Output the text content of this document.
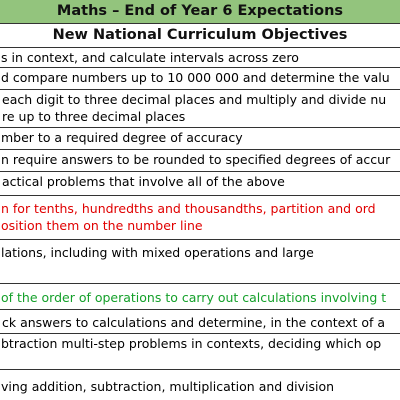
Maths – End of Year 6 Expectations
New National Curriculum Objectives
s in context, and calculate intervals across zero
d compare numbers up to 10 000 000 and determine the valu
each digit to three decimal places and multiply and divide nu
re up to three decimal places
mber to a required degree of accuracy
n require answers to be rounded to specified degrees of accur
actical problems that involve all of the above
n for tenths, hundredths and thousandths, partition and ord
osition them on the number line
lations, including with mixed operations and large
of the order of operations to carry out calculations involving t
ck answers to calculations and determine, in the context of a
btraction multi-step problems in contexts, deciding which op
ving addition, subtraction, multiplication and division
